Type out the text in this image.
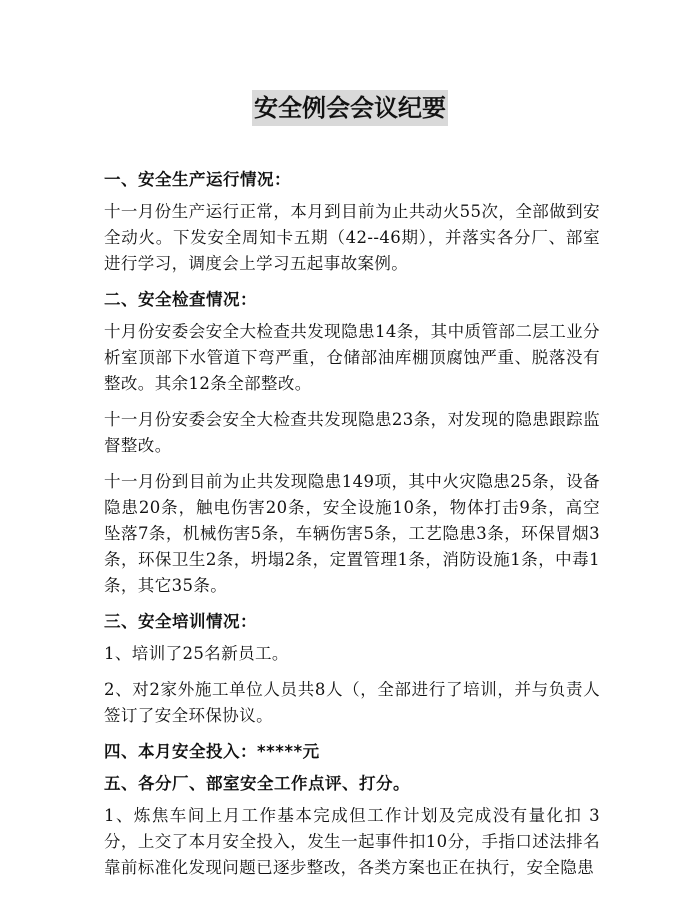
安全例会会议纪要
一、安全生产运行情况：
十一月份生产运行正常，本月到目前为止共动火55次，全部做到安全动火。下发安全周知卡五期（42--46期），并落实各分厂、部室进行学习，调度会上学习五起事故案例。
二、安全检查情况：
十月份安委会安全大检查共发现隐患14条，其中质管部二层工业分析室顶部下水管道下弯严重，仓储部油库棚顶腐蚀严重、脱落没有整改。其余12条全部整改。
十一月份安委会安全大检查共发现隐患23条，对发现的隐患跟踪监督整改。
十一月份到目前为止共发现隐患149项，其中火灾隐患25条，设备隐患20条，触电伤害20条，安全设施10条，物体打击9条，高空坠落7条，机械伤害5条，车辆伤害5条，工艺隐患3条，环保冒烟3条，环保卫生2条，坍塌2条，定置管理1条，消防设施1条，中毒1条，其它35条。
三、安全培训情况：
1、培训了25名新员工。
2、对2家外施工单位人员共8人（，全部进行了培训，并与负责人签订了安全环保协议。
四、本月安全投入：*****元
五、各分厂、部室安全工作点评、打分。
1、炼焦车间上月工作基本完成但工作计划及完成没有量化扣 3 分，上交了本月安全投入，发生一起事件扣10分，手指口述法排名靠前标准化发现问题已逐步整改，各类方案也正在执行，安全隐患
